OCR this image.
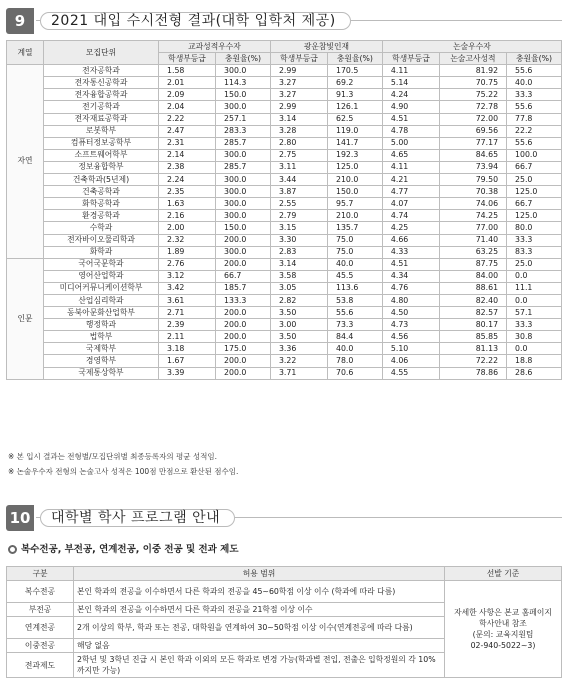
9	2021 대입 수시전형 결과(대학 입학처 제공)
계열	모집단위	교과성적우수자		광운참빛인재		논술우수자		
		학생부등급	충원율(%)	학생부등급	충원율(%)	학생부등급	논술고사성적	충원율(%)
자연	전자공학과	1.58	300.0	2.99	170.5	4.11	81.92	55.6
	전자통신공학과	2.01	114.3	3.27	69.2	5.14	70.75	40.0
	전자융합공학과	2.09	150.0	3.27	91.3	4.24	75.22	33.3
	전기공학과	2.04	300.0	2.99	126.1	4.90	72.78	55.6
	전자재료공학과	2.22	257.1	3.14	62.5	4.51	72.00	77.8
	로봇학부	2.47	283.3	3.28	119.0	4.78	69.56	22.2
	컴퓨터정보공학부	2.31	285.7	2.80	141.7	5.00	77.17	55.6
	소프트웨어학부	2.14	300.0	2.75	192.3	4.65	84.65	100.0
	정보융합학부	2.38	285.7	3.11	125.0	4.11	73.94	66.7
	건축학과(5년제)	2.24	300.0	3.44	210.0	4.21	79.50	25.0
	건축공학과	2.35	300.0	3.87	150.0	4.77	70.38	125.0
	화학공학과	1.63	300.0	2.55	95.7	4.07	74.06	66.7
	환경공학과	2.16	300.0	2.79	210.0	4.74	74.25	125.0
	수학과	2.00	150.0	3.15	135.7	4.25	77.00	80.0
	전자바이오물리학과	2.32	200.0	3.30	75.0	4.66	71.40	33.3
	화학과	1.89	300.0	2.83	75.0	4.33	63.25	83.3
인문	국어국문학과	2.76	200.0	3.14	40.0	4.51	87.75	25.0
	영어산업학과	3.12	66.7	3.58	45.5	4.34	84.00	0.0
	미디어커뮤니케이션학부	3.42	185.7	3.05	113.6	4.76	88.61	11.1
	산업심리학과	3.61	133.3	2.82	53.8	4.80	82.40	0.0
	동북아문화산업학부	2.71	200.0	3.50	55.6	4.50	82.57	57.1
	행정학과	2.39	200.0	3.00	73.3	4.73	80.17	33.3
	법학부	2.11	200.0	3.50	84.4	4.56	85.85	30.8
	국제학부	3.18	175.0	3.36	40.0	5.10	81.13	0.0
	경영학부	1.67	200.0	3.22	78.0	4.06	72.22	18.8
	국제통상학부	3.39	200.0	3.71	70.6	4.55	78.86	28.6
※ 본 입시 결과는 전형별/모집단위별 최종등록자의 평균 성적임.
※ 논술우수자 전형의 논술고사 성적은 100점 만점으로 환산된 점수임.
10	대학별 학사 프로그램 안내
복수전공, 부전공, 연계전공, 이중 전공 및 전과 제도
구분	허용 범위	선발 기준
복수전공	본인 학과의 전공을 이수하면서 다른 학과의 전공을 45~60학점 이상 이수 (학과에 따라 다름)	자세한 사항은 본교 홈페이지
학사안내 참조
(문의: 교육지원팀
02-940-5022~3)

부전공	본인 학과의 전공을 이수하면서 다른 학과의 전공을 21학점 이상 이수	
연계전공	2개 이상의 학부, 학과 또는 전공, 대학원을 연계하여 30~50학점 이상 이수(연계전공에 따라 다름)	
이중전공	해당 없음	
전과제도	2학년 및 3학년 진급 시 본인 학과 이외의 모든 학과로 변경 가능(학과별 전입, 전출은 입학정원의 각 10%까지만 가능)	
